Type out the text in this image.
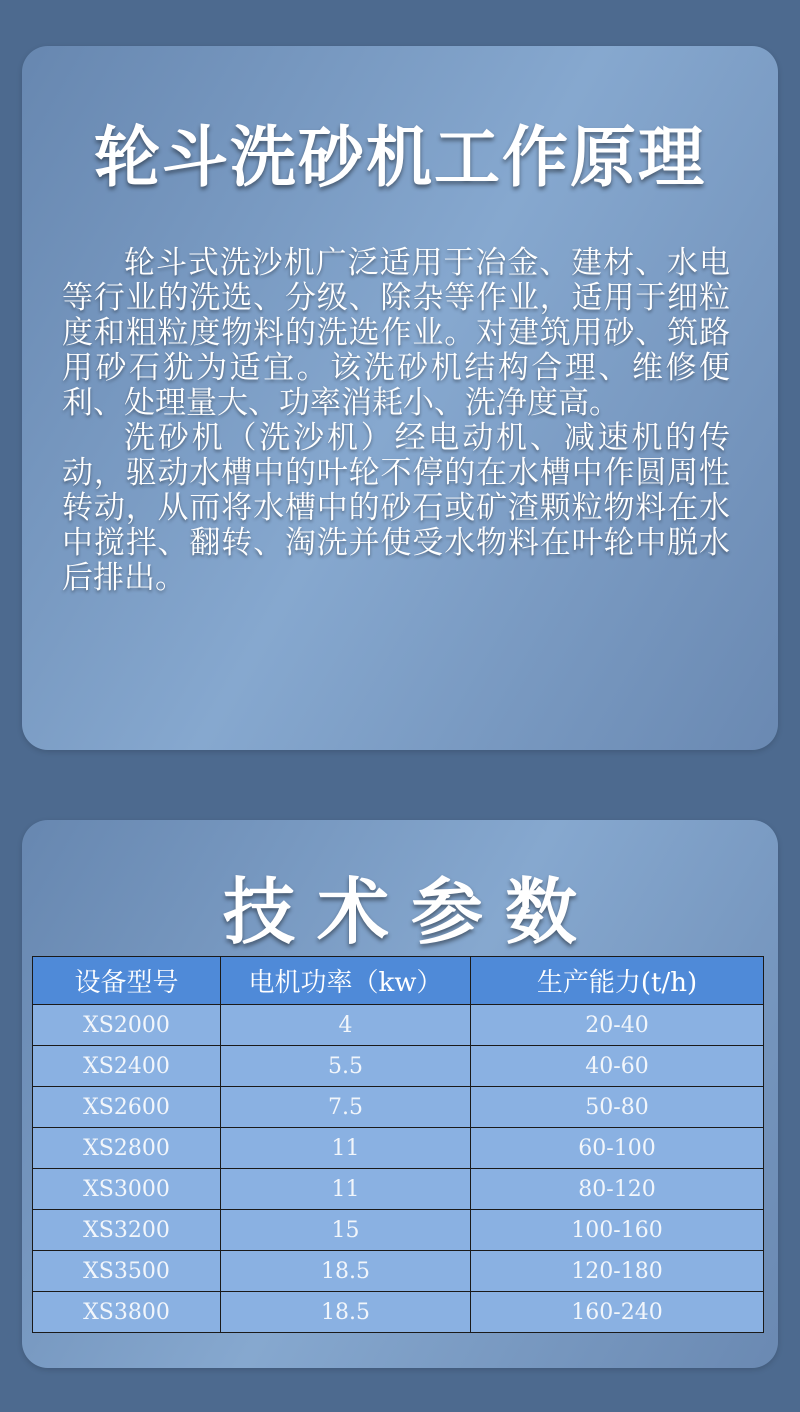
轮斗洗砂机工作原理

轮斗式洗沙机广泛适用于冶金、建材、水电等行业的洗选、分级、除杂等作业，适用于细粒度和粗粒度物料的洗选作业。对建筑用砂、筑路用砂石犹为适宜。该洗砂机结构合理、维修便利、处理量大、功率消耗小、洗净度高。

洗砂机（洗沙机）经电动机、减速机的传动，驱动水槽中的叶轮不停的在水槽中作圆周性转动，从而将水槽中的砂石或矿渣颗粒物料在水中搅拌、翻转、淘洗并使受水物料在叶轮中脱水后排出。

技术参数
设备型号	电机功率（kw）	生产能力(t/h)
XS2000	4	20-40
XS2400	5.5	40-60
XS2600	7.5	50-80
XS2800	11	60-100
XS3000	11	80-120
XS3200	15	100-160
XS3500	18.5	120-180
XS3800	18.5	160-240
